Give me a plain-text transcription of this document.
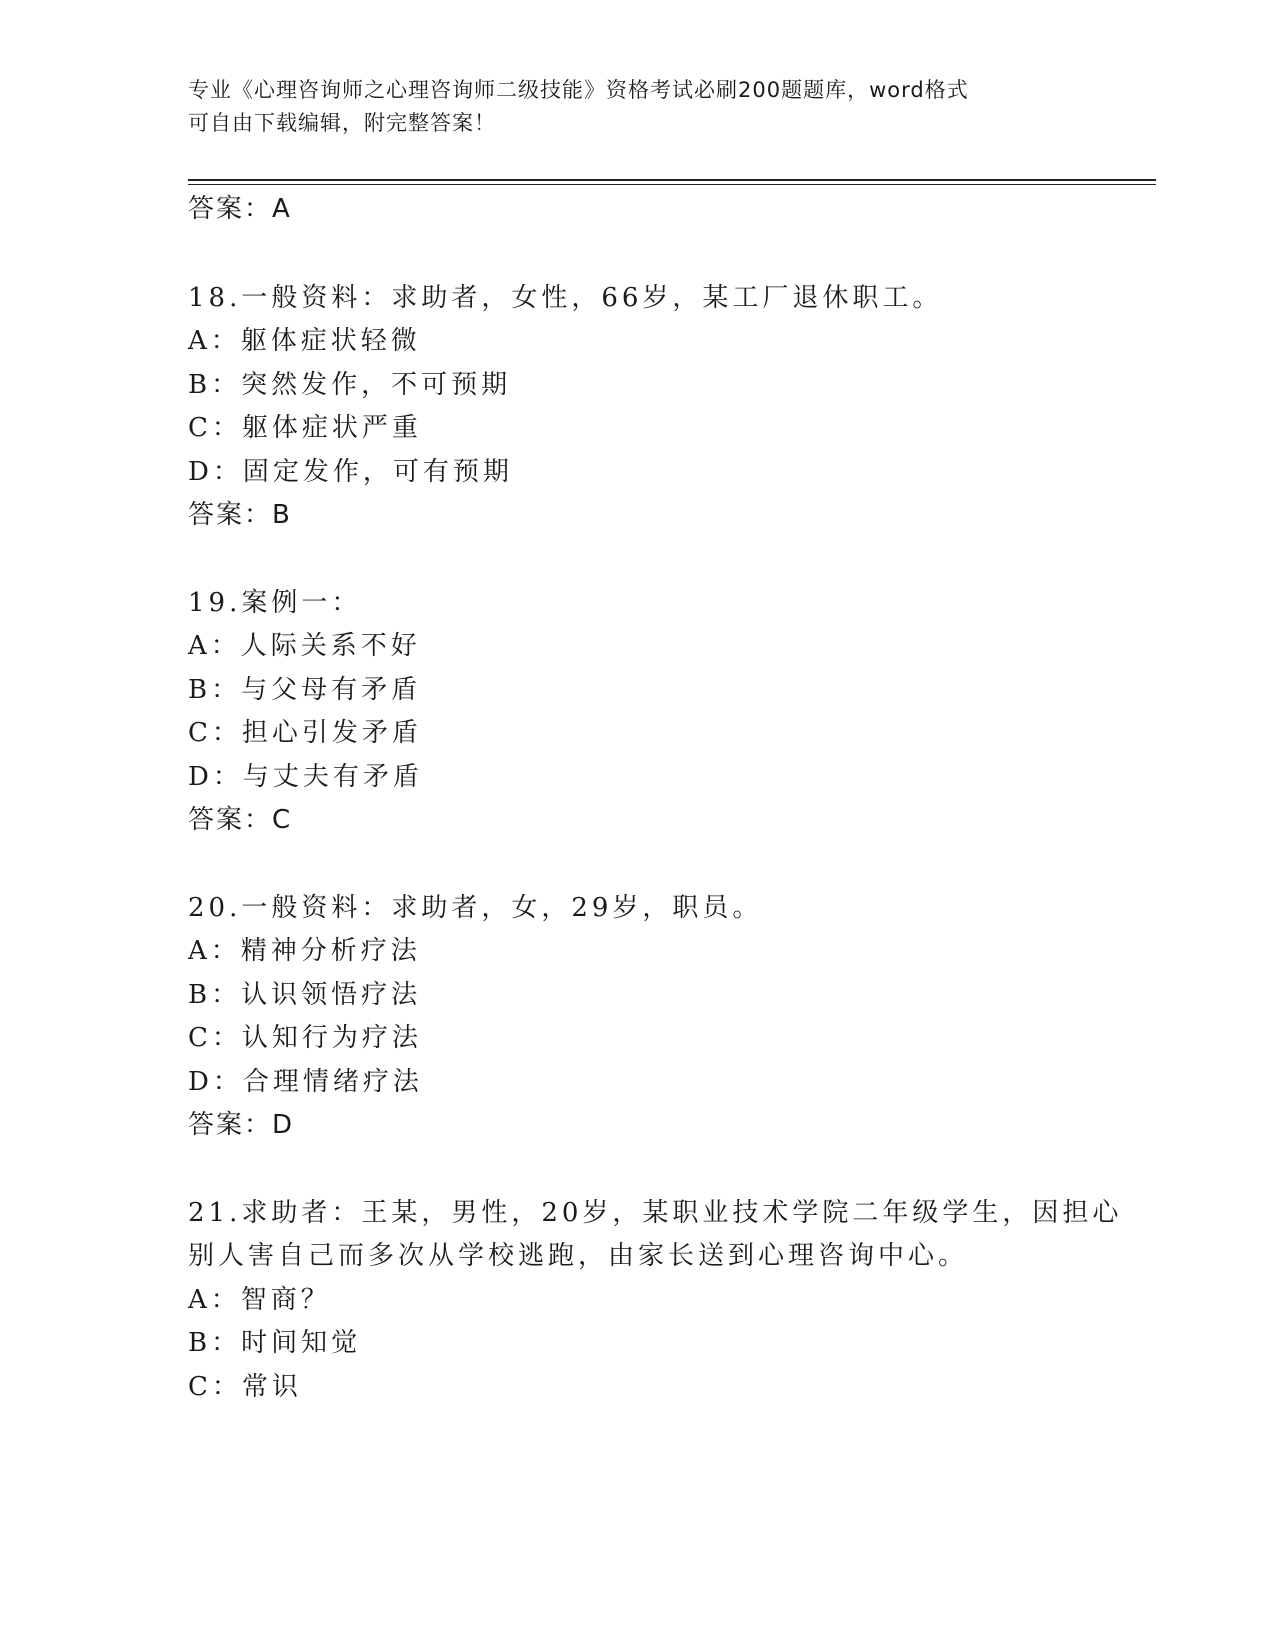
专业《心理咨询师之心理咨询师二级技能》资格考试必刷200题题库，word格式
可自由下载编辑，附完整答案！
答案：A
18.一般资料：求助者，女性，66岁，某工厂退休职工。
A：躯体症状轻微
B：突然发作，不可预期
C：躯体症状严重
D：固定发作，可有预期
答案：B
19.案例一：
A：人际关系不好
B：与父母有矛盾
C：担心引发矛盾
D：与丈夫有矛盾
答案：C
20.一般资料：求助者，女，29岁，职员。
A：精神分析疗法
B：认识领悟疗法
C：认知行为疗法
D：合理情绪疗法
答案：D
21.求助者：王某，男性，20岁，某职业技术学院二年级学生，因担心
别人害自己而多次从学校逃跑，由家长送到心理咨询中心。
A：智商？
B：时间知觉
C：常识
